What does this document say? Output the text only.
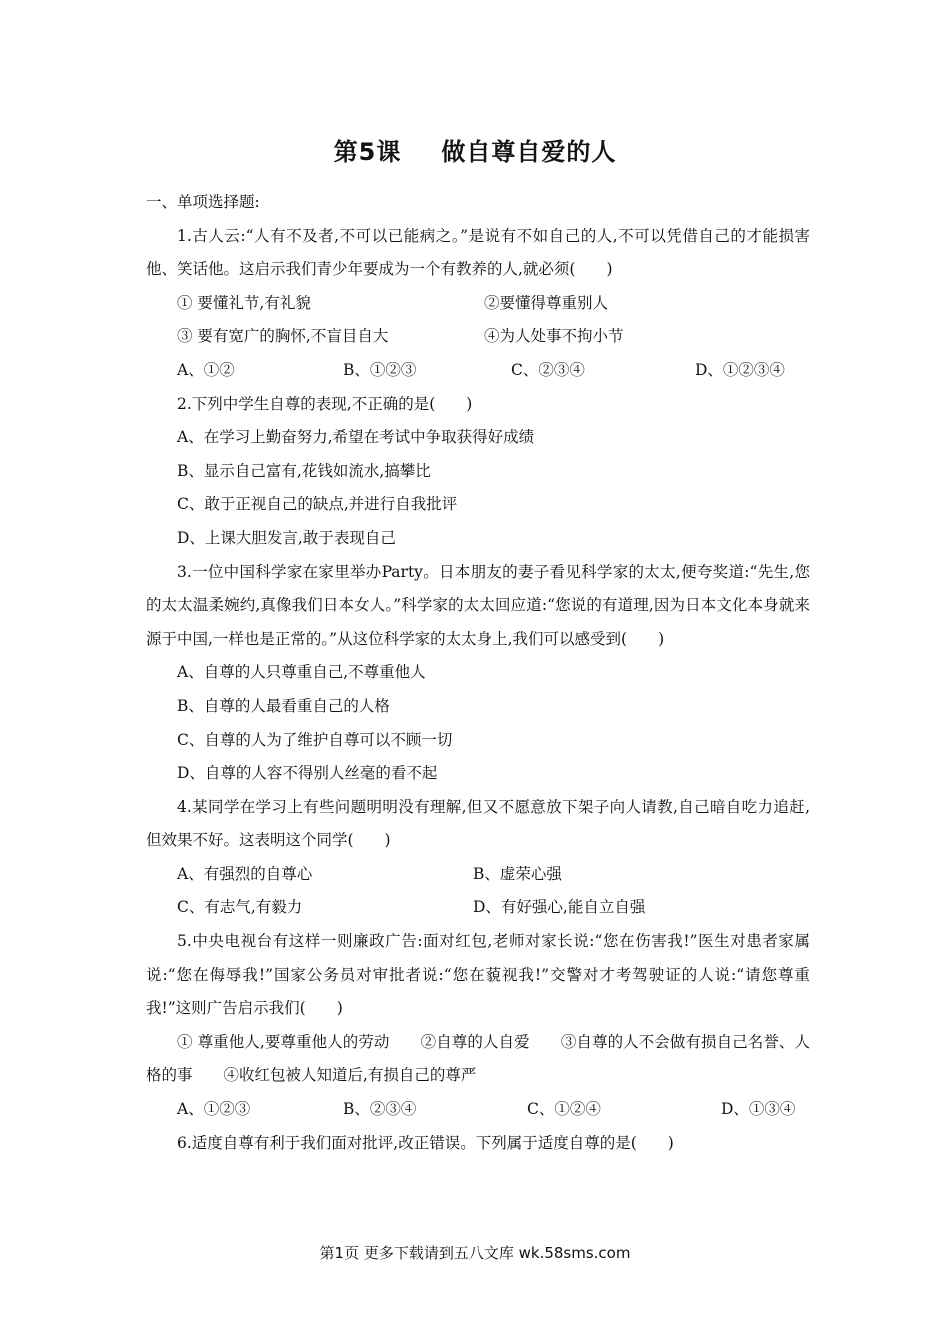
第5课 做自尊自爱的人
一、单项选择题:
1.古人云:“人有不及者,不可以已能病之。”是说有不如自己的人,不可以凭借自己的才能损害他、笑话他。这启示我们青少年要成为一个有教养的人,就必须(　　)
① 要懂礼节,有礼貌	②要懂得尊重别人
③ 要有宽广的胸怀,不盲目自大	④为人处事不拘小节
A、①②	B、①②③	C、②③④	D、①②③④
2.下列中学生自尊的表现,不正确的是(　　)
A、在学习上勤奋努力,希望在考试中争取获得好成绩
B、显示自己富有,花钱如流水,搞攀比
C、敢于正视自己的缺点,并进行自我批评
D、上课大胆发言,敢于表现自己
3.一位中国科学家在家里举办Party。日本朋友的妻子看见科学家的太太,便夸奖道:“先生,您的太太温柔婉约,真像我们日本女人。”科学家的太太回应道:“您说的有道理,因为日本文化本身就来源于中国,一样也是正常的。”从这位科学家的太太身上,我们可以感受到(　　)
A、自尊的人只尊重自己,不尊重他人
B、自尊的人最看重自己的人格
C、自尊的人为了维护自尊可以不顾一切
D、自尊的人容不得别人丝毫的看不起
4.某同学在学习上有些问题明明没有理解,但又不愿意放下架子向人请教,自己暗自吃力追赶,但效果不好。这表明这个同学(　　)
A、有强烈的自尊心	B、虚荣心强
C、有志气,有毅力	D、有好强心,能自立自强
5.中央电视台有这样一则廉政广告:面对红包,老师对家长说:“您在伤害我!”医生对患者家属说:“您在侮辱我!”国家公务员对审批者说:“您在藐视我!”交警对才考驾驶证的人说:“请您尊重我!”这则广告启示我们(　　)
① 尊重他人,要尊重他人的劳动　　②自尊的人自爱　　③自尊的人不会做有损自己名誉、人格的事　　④收红包被人知道后,有损自己的尊严
A、①②③	B、②③④	C、①②④	D、①③④
6.适度自尊有利于我们面对批评,改正错误。下列属于适度自尊的是(　　)
第1页 更多下载请到五八文库 wk.58sms.com
